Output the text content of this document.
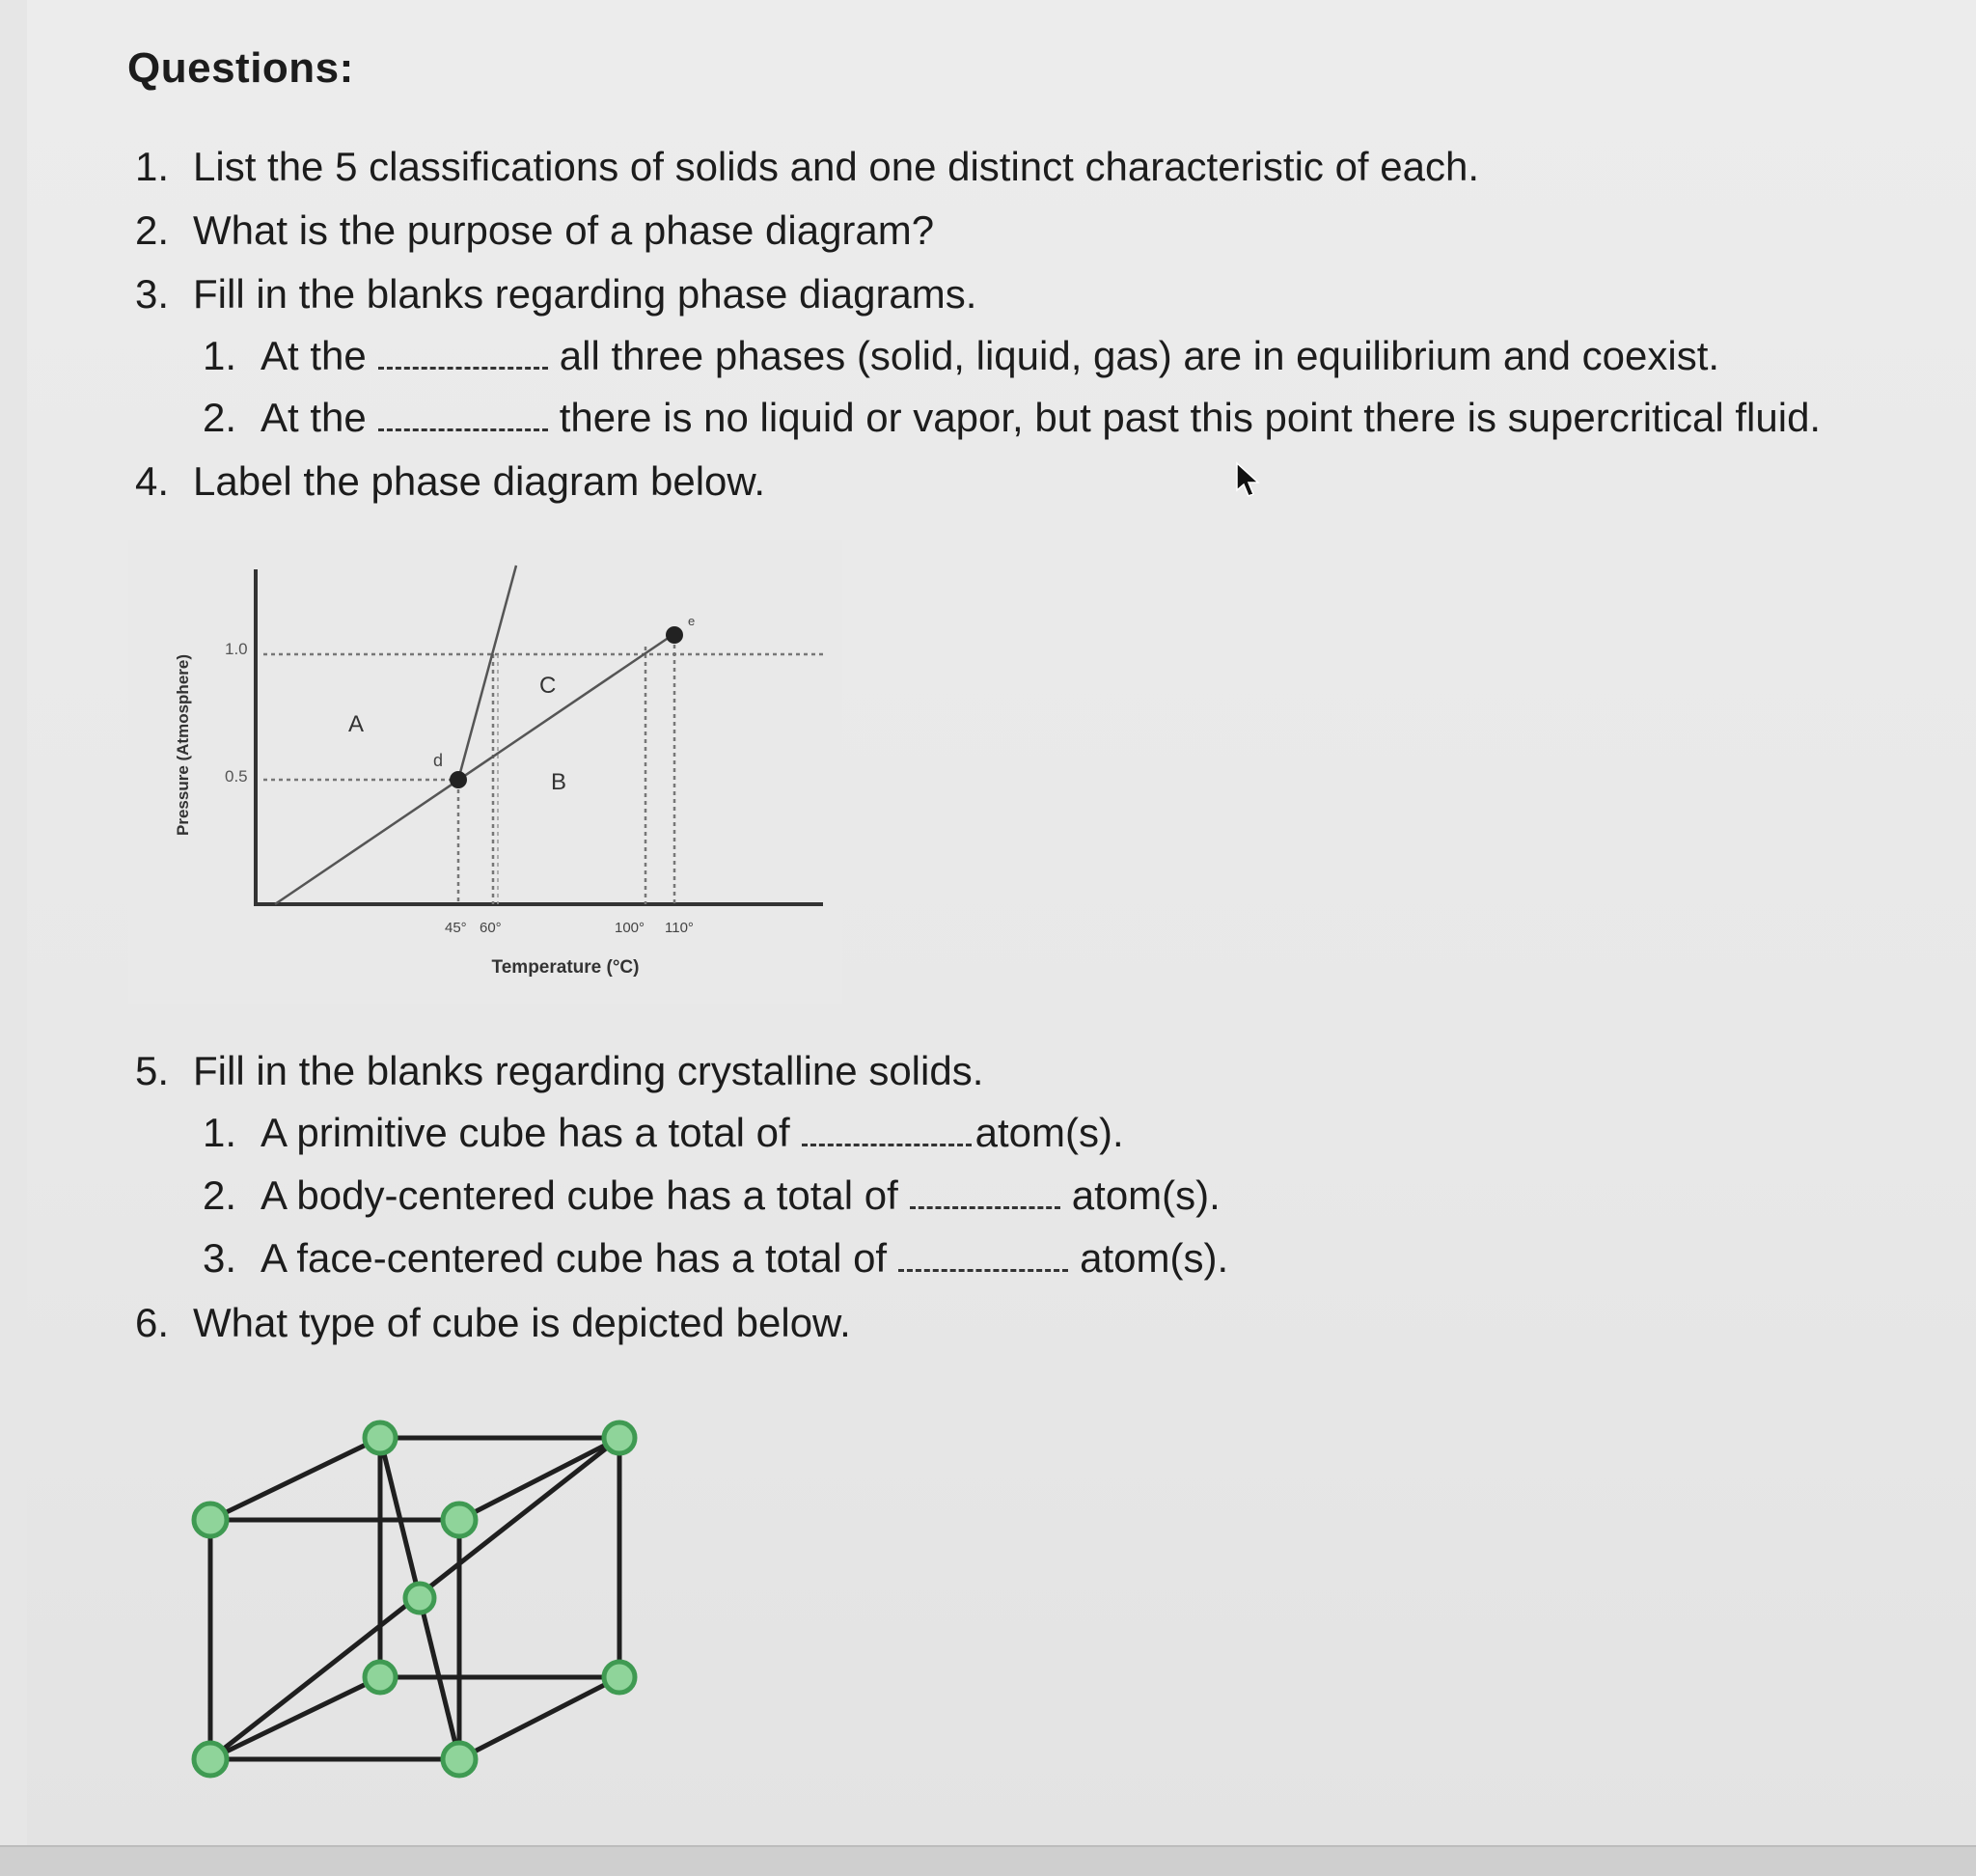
Questions:
1. List the 5 classifications of solids and one distinct characteristic of each.
2. What is the purpose of a phase diagram?
3. Fill in the blanks regarding phase diagrams.
1. At the	all three phases (solid, liquid, gas) are in equilibrium and coexist.
2. At the	there is no liquid or vapor, but past this point there is supercritical fluid.
4. Label the phase diagram below.
Pressure (Atmosphere)
1.0
0.5
d
e
A
B
C
45° 60°	100° 110°
Temperature (°C)
5. Fill in the blanks regarding crystalline solids.
1. A primitive cube has a total of	atom(s).
2. A body-centered cube has a total of	atom(s).
3. A face-centered cube has a total of	atom(s).
6. What type of cube is depicted below.
